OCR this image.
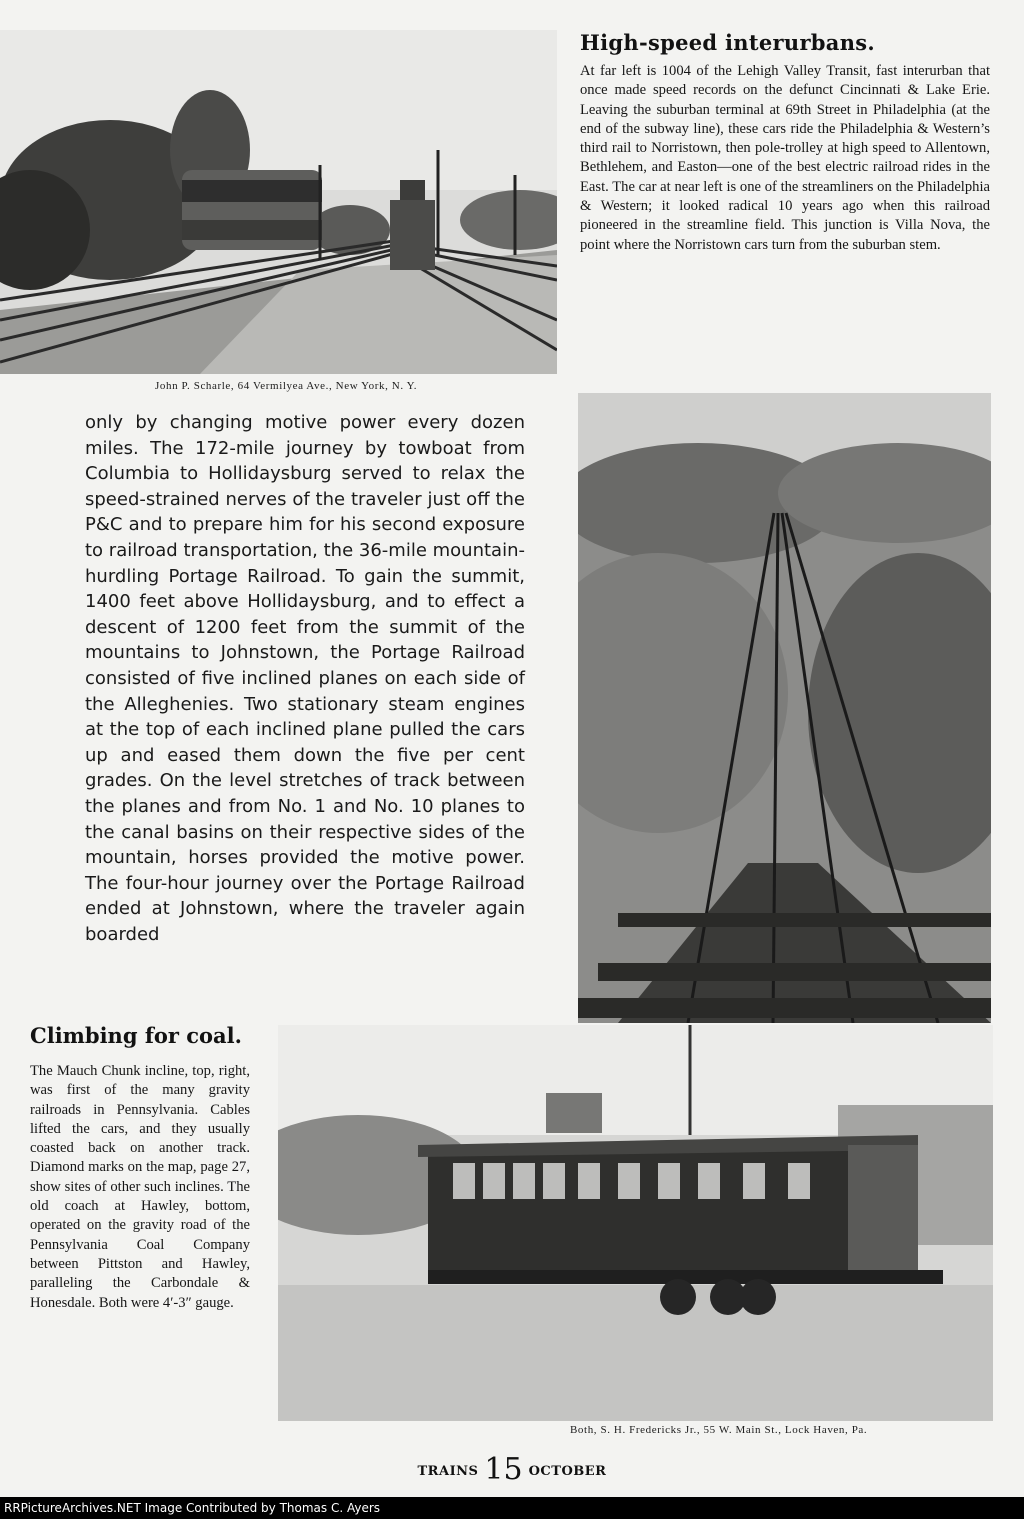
John P. Scharle, 64 Vermilyea Ave., New York, N. Y.
High-speed interurbans.

At far left is 1004 of the Lehigh Valley Transit, fast interurban that once made speed records on the defunct Cincinnati & Lake Erie. Leaving the suburban terminal at 69th Street in Philadelphia (at the end of the subway line), these cars ride the Philadelphia & Western’s third rail to Norristown, then pole-trolley at high speed to Allentown, Bethlehem, and Easton—one of the best electric railroad rides in the East. The car at near left is one of the streamliners on the Philadelphia & Western; it looked radical 10 years ago when this railroad pioneered in the streamline field. This junction is Villa Nova, the point where the Norristown cars turn from the suburban stem.

only by changing motive power every dozen miles. The 172-mile journey by towboat from Columbia to Hollidaysburg served to relax the speed-strained nerves of the traveler just off the P&C and to prepare him for his second exposure to railroad transportation, the 36-mile mountain-hurdling Portage Railroad. To gain the summit, 1400 feet above Hollidaysburg, and to effect a descent of 1200 feet from the summit of the mountains to Johnstown, the Portage Railroad consisted of five inclined planes on each side of the Alleghenies. Two stationary steam engines at the top of each inclined plane pulled the cars up and eased them down the five per cent grades. On the level stretches of track between the planes and from No. 1 and No. 10 planes to the canal basins on their respective sides of the mountain, horses provided the motive power. The four-hour journey over the Portage Railroad ended at Johnstown, where the traveler again boarded

Climbing for coal.

The Mauch Chunk incline, top, right, was first of the many gravity railroads in Pennsylvania. Cables lifted the cars, and they usually coasted back on another track. Diamond marks on the map, page 27, show sites of other such inclines. The old coach at Hawley, bottom, operated on the gravity road of the Pennsylvania Coal Company between Pittston and Hawley, paralleling the Carbondale & Honesdale. Both were 4′-3″ gauge.

Both, S. H. Fredericks Jr., 55 W. Main St., Lock Haven, Pa.
$^{TRAINS}$ 15 $^{OCTOBER}$
RRPictureArchives.NET Image Contributed by Thomas C. Ayers
